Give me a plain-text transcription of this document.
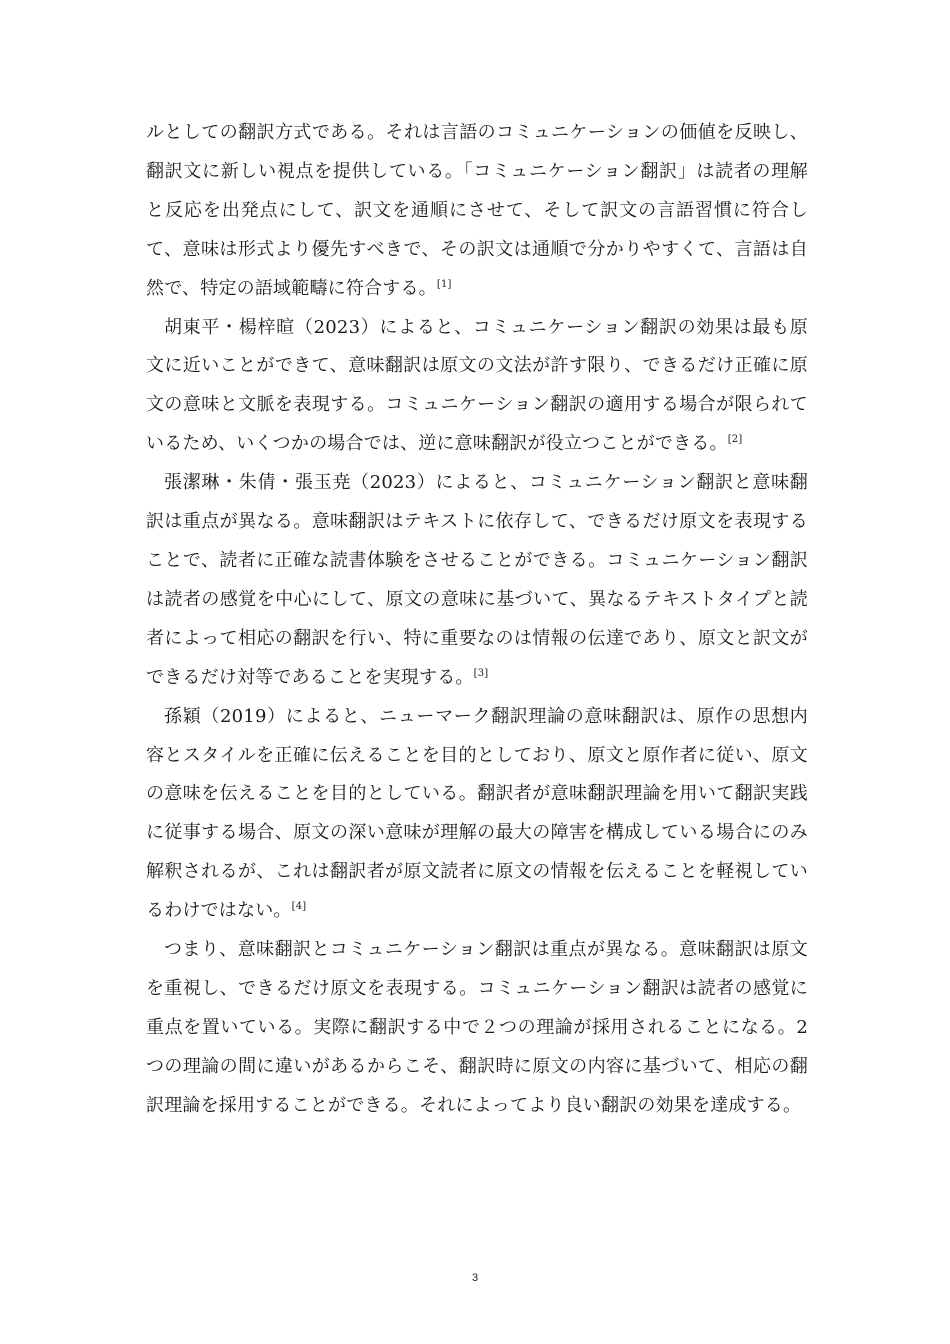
ルとしての翻訳方式である。それは言語のコミュニケーションの価値を反映し、翻訳文に新しい視点を提供している。「コミュニケーション翻訳」は読者の理解と反応を出発点にして、訳文を通順にさせて、そして訳文の言語習慣に符合して、意味は形式より優先すべきで、その訳文は通順で分かりやすくて、言語は自然で、特定の語域範疇に符合する。[1]

胡東平・楊梓暄（2023）によると、コミュニケーション翻訳の効果は最も原文に近いことができて、意味翻訳は原文の文法が許す限り、できるだけ正確に原文の意味と文脈を表現する。コミュニケーション翻訳の適用する場合が限られているため、いくつかの場合では、逆に意味翻訳が役立つことができる。[2]

張潔琳・朱倩・張玉尭（2023）によると、コミュニケーション翻訳と意味翻訳は重点が異なる。意味翻訳はテキストに依存して、できるだけ原文を表現することで、読者に正確な読書体験をさせることができる。コミュニケーション翻訳は読者の感覚を中心にして、原文の意味に基づいて、異なるテキストタイプと読者によって相応の翻訳を行い、特に重要なのは情報の伝達であり、原文と訳文ができるだけ対等であることを実現する。[3]

孫穎（2019）によると、ニューマーク翻訳理論の意味翻訳は、原作の思想内容とスタイルを正確に伝えることを目的としており、原文と原作者に従い、原文の意味を伝えることを目的としている。翻訳者が意味翻訳理論を用いて翻訳実践に従事する場合、原文の深い意味が理解の最大の障害を構成している場合にのみ解釈されるが、これは翻訳者が原文読者に原文の情報を伝えることを軽視しているわけではない。[4]

つまり、意味翻訳とコミュニケーション翻訳は重点が異なる。意味翻訳は原文を重視し、できるだけ原文を表現する。コミュニケーション翻訳は読者の感覚に重点を置いている。実際に翻訳する中で２つの理論が採用されることになる。2 つの理論の間に違いがあるからこそ、翻訳時に原文の内容に基づいて、相応の翻訳理論を採用することができる。それによってより良い翻訳の効果を達成する。

3
